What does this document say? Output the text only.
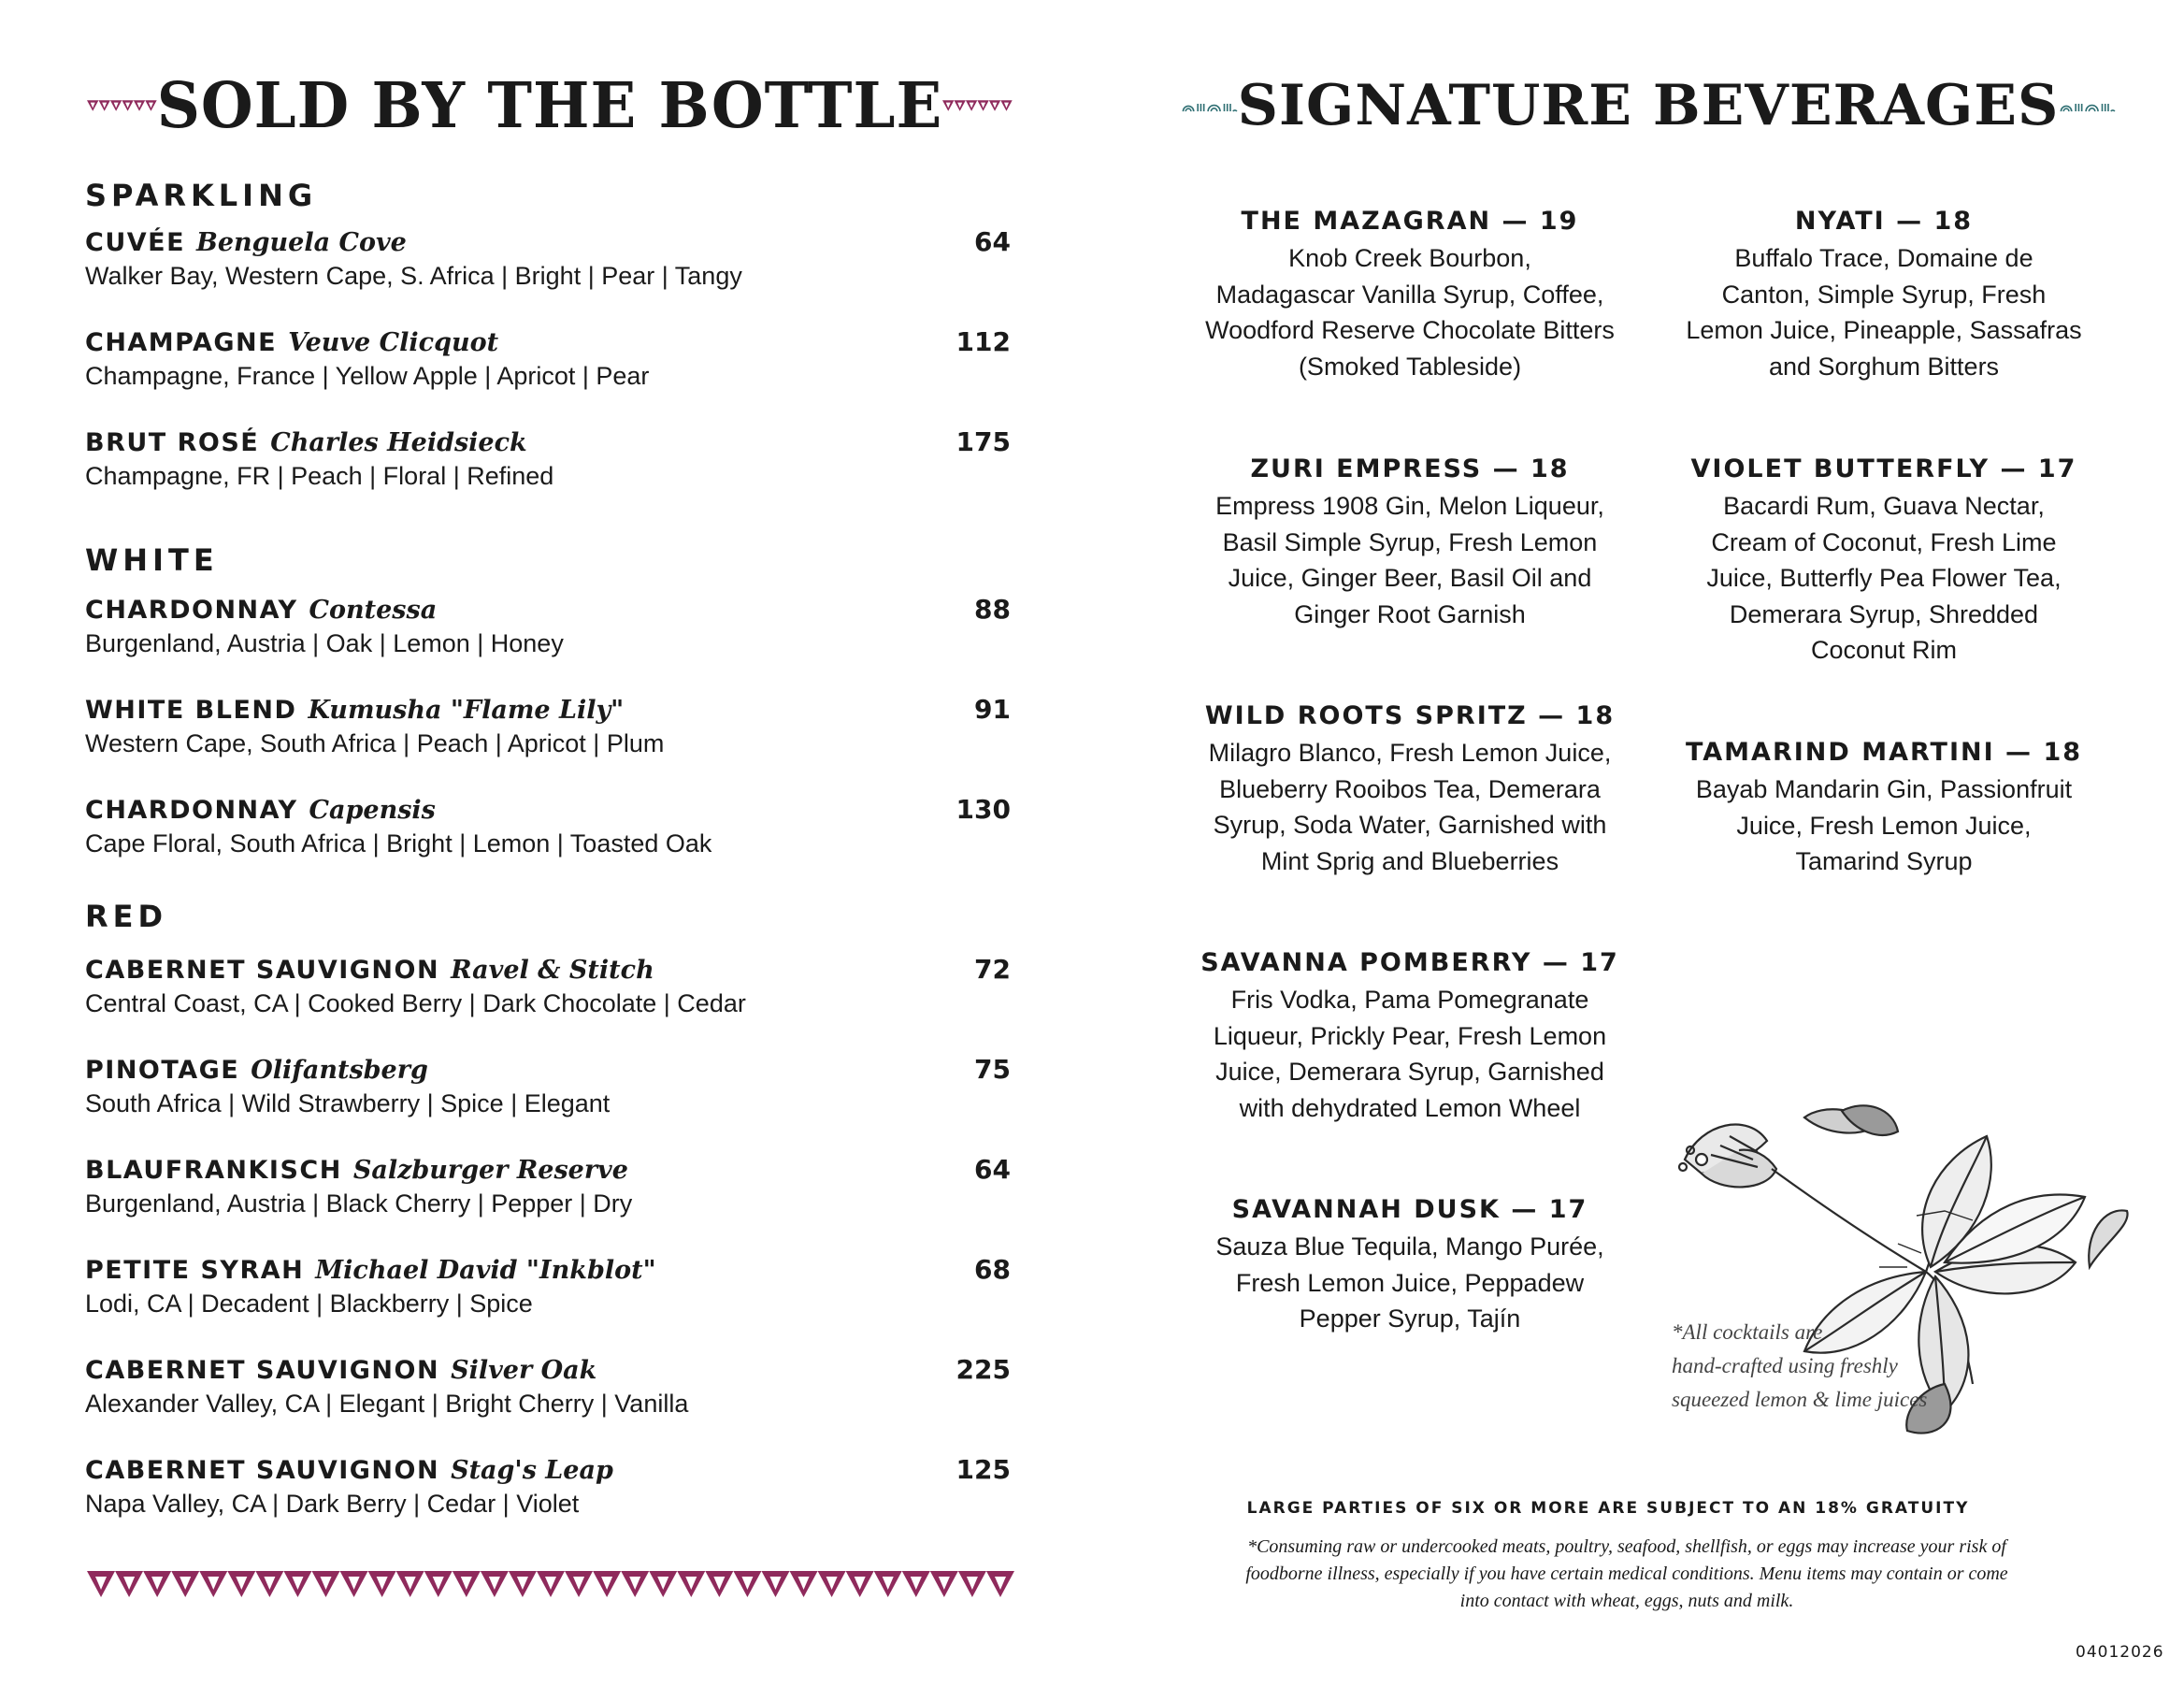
SOLD BY THE BOTTLE
SPARKLING
CUVÉE Benguela Cove	64
Walker Bay, Western Cape, S. Africa | Bright | Pear | Tangy
CHAMPAGNE Veuve Clicquot	112
Champagne, France | Yellow Apple | Apricot | Pear
BRUT ROSÉ Charles Heidsieck	175
Champagne, FR | Peach | Floral | Refined
WHITE
CHARDONNAY Contessa	88
Burgenland, Austria | Oak | Lemon | Honey
WHITE BLEND Kumusha "Flame Lily"	91
Western Cape, South Africa | Peach | Apricot | Plum
CHARDONNAY Capensis	130
Cape Floral, South Africa | Bright | Lemon | Toasted Oak
RED
CABERNET SAUVIGNON Ravel & Stitch	72
Central Coast, CA | Cooked Berry | Dark Chocolate | Cedar
PINOTAGE Olifantsberg	75
South Africa | Wild Strawberry | Spice | Elegant
BLAUFRANKISCH Salzburger Reserve	64
Burgenland, Austria | Black Cherry | Pepper | Dry
PETITE SYRAH Michael David "Inkblot"	68
Lodi, CA | Decadent | Blackberry | Spice
CABERNET SAUVIGNON Silver Oak	225
Alexander Valley, CA | Elegant | Bright Cherry | Vanilla
CABERNET SAUVIGNON Stag's Leap	125
Napa Valley, CA | Dark Berry | Cedar | Violet
SIGNATURE BEVERAGES
THE MAZAGRAN — 19
Knob Creek Bourbon,
Madagascar Vanilla Syrup, Coffee,
Woodford Reserve Chocolate Bitters
(Smoked Tableside)
ZURI EMPRESS — 18
Empress 1908 Gin, Melon Liqueur,
Basil Simple Syrup, Fresh Lemon
Juice, Ginger Beer, Basil Oil and
Ginger Root Garnish
WILD ROOTS SPRITZ — 18
Milagro Blanco, Fresh Lemon Juice,
Blueberry Rooibos Tea, Demerara
Syrup, Soda Water, Garnished with
Mint Sprig and Blueberries
SAVANNA POMBERRY — 17
Fris Vodka, Pama Pomegranate
Liqueur, Prickly Pear, Fresh Lemon
Juice, Demerara Syrup, Garnished
with dehydrated Lemon Wheel
SAVANNAH DUSK — 17
Sauza Blue Tequila, Mango Purée,
Fresh Lemon Juice, Peppadew
Pepper Syrup, Tajín
NYATI — 18
Buffalo Trace, Domaine de
Canton, Simple Syrup, Fresh
Lemon Juice, Pineapple, Sassafras
and Sorghum Bitters
VIOLET BUTTERFLY — 17
Bacardi Rum, Guava Nectar,
Cream of Coconut, Fresh Lime
Juice, Butterfly Pea Flower Tea,
Demerara Syrup, Shredded
Coconut Rim
TAMARIND MARTINI — 18
Bayab Mandarin Gin, Passionfruit
Juice, Fresh Lemon Juice,
Tamarind Syrup
*All cocktails are
hand-crafted using freshly
squeezed lemon & lime juices
LARGE PARTIES OF SIX OR MORE ARE SUBJECT TO AN 18% GRATUITY
*Consuming raw or undercooked meats, poultry, seafood, shellfish, or eggs may increase your risk of
foodborne illness, especially if you have certain medical conditions. Menu items may contain or come
into contact with wheat, eggs, nuts and milk.
04012026
